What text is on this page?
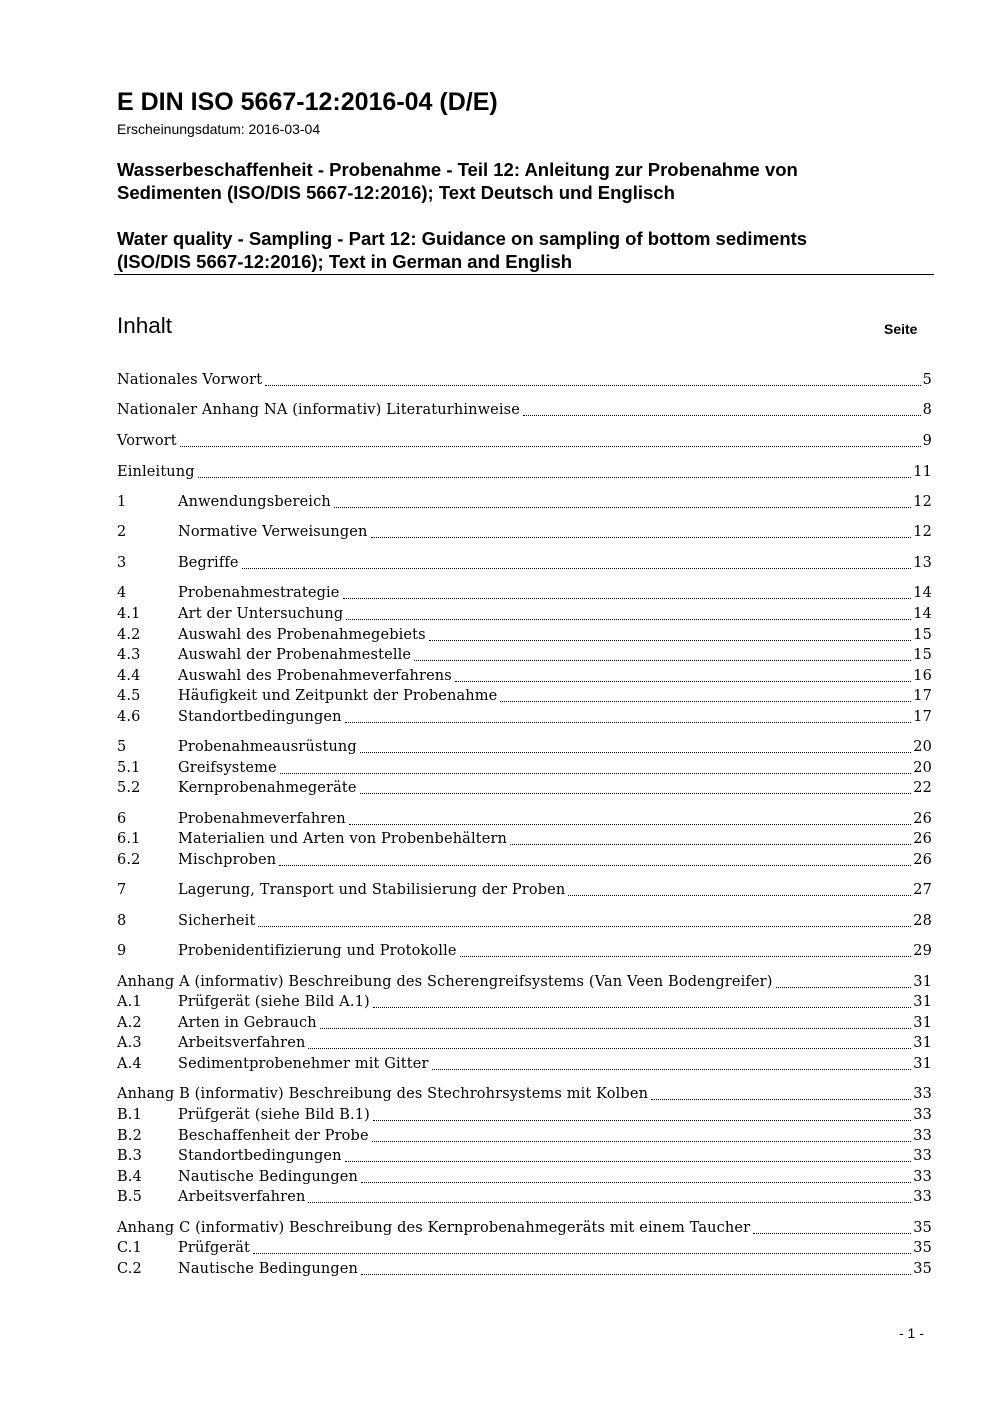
E DIN ISO 5667-12:2016-04 (D/E)
Erscheinungsdatum: 2016-03-04
Wasserbeschaffenheit - Probenahme - Teil 12: Anleitung zur Probenahme von
Sedimenten (ISO/DIS 5667-12:2016); Text Deutsch und Englisch
Water quality - Sampling - Part 12: Guidance on sampling of bottom sediments
(ISO/DIS 5667-12:2016); Text in German and English
Inhalt	Seite
Nationales Vorwort	5
Nationaler Anhang NA (informativ) Literaturhinweise	8
Vorwort	9
Einleitung	11
1	Anwendungsbereich	12
2	Normative Verweisungen	12
3	Begriffe	13
4	Probenahmestrategie	14
4.1	Art der Untersuchung	14
4.2	Auswahl des Probenahmegebiets	15
4.3	Auswahl der Probenahmestelle	15
4.4	Auswahl des Probenahmeverfahrens	16
4.5	Häufigkeit und Zeitpunkt der Probenahme	17
4.6	Standortbedingungen	17
5	Probenahmeausrüstung	20
5.1	Greifsysteme	20
5.2	Kernprobenahmegeräte	22
6	Probenahmeverfahren	26
6.1	Materialien und Arten von Probenbehältern	26
6.2	Mischproben	26
7	Lagerung, Transport und Stabilisierung der Proben	27
8	Sicherheit	28
9	Probenidentifizierung und Protokolle	29
Anhang A (informativ) Beschreibung des Scherengreifsystems (Van Veen Bodengreifer)	31
A.1	Prüfgerät (siehe Bild A.1)	31
A.2	Arten in Gebrauch	31
A.3	Arbeitsverfahren	31
A.4	Sedimentprobenehmer mit Gitter	31
Anhang B (informativ) Beschreibung des Stechrohrsystems mit Kolben	33
B.1	Prüfgerät (siehe Bild B.1)	33
B.2	Beschaffenheit der Probe	33
B.3	Standortbedingungen	33
B.4	Nautische Bedingungen	33
B.5	Arbeitsverfahren	33
Anhang C (informativ) Beschreibung des Kernprobenahmegeräts mit einem Taucher	35
C.1	Prüfgerät	35
C.2	Nautische Bedingungen	35
- 1 -
